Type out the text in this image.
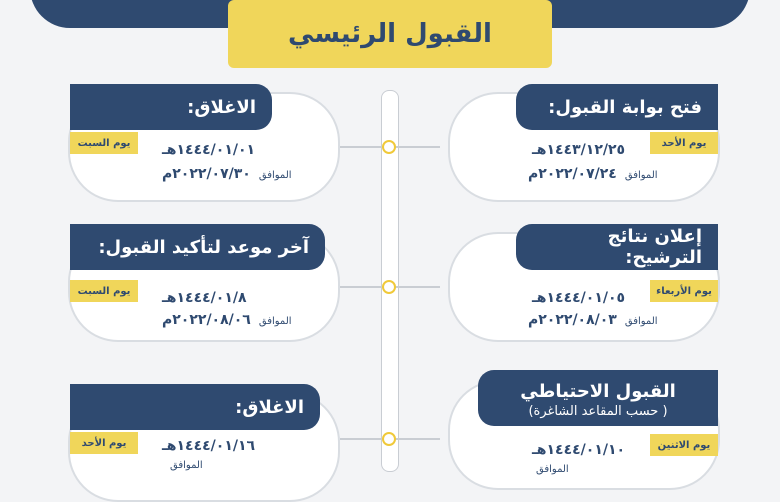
القبول الرئيسي
فتح بوابة القبول:
يوم الأحد
١٤٤٣/١٢/٢٥هـ
الموافق
٢٠٢٢/٠٧/٢٤م
الاغلاق:
يوم السبت	١٤٤٤/٠١/٠١هـ
الموافق
٢٠٢٢/٠٧/٣٠م
إعلان نتائج الترشيح:
يوم الأربعاء
١٤٤٤/٠١/٠٥هـ
الموافق
٢٠٢٢/٠٨/٠٣م
آخر موعد لتأكيد القبول:
يوم السبت	١٤٤٤/٠١/٨هـ
الموافق
٢٠٢٢/٠٨/٠٦م
القبول الاحتياطي
( حسب المقاعد الشاغرة)
يوم الاثنين
١٤٤٤/٠١/١٠هـ
الموافق
الاغلاق:
يوم الأحد	١٤٤٤/٠١/١٦هـ
الموافق
